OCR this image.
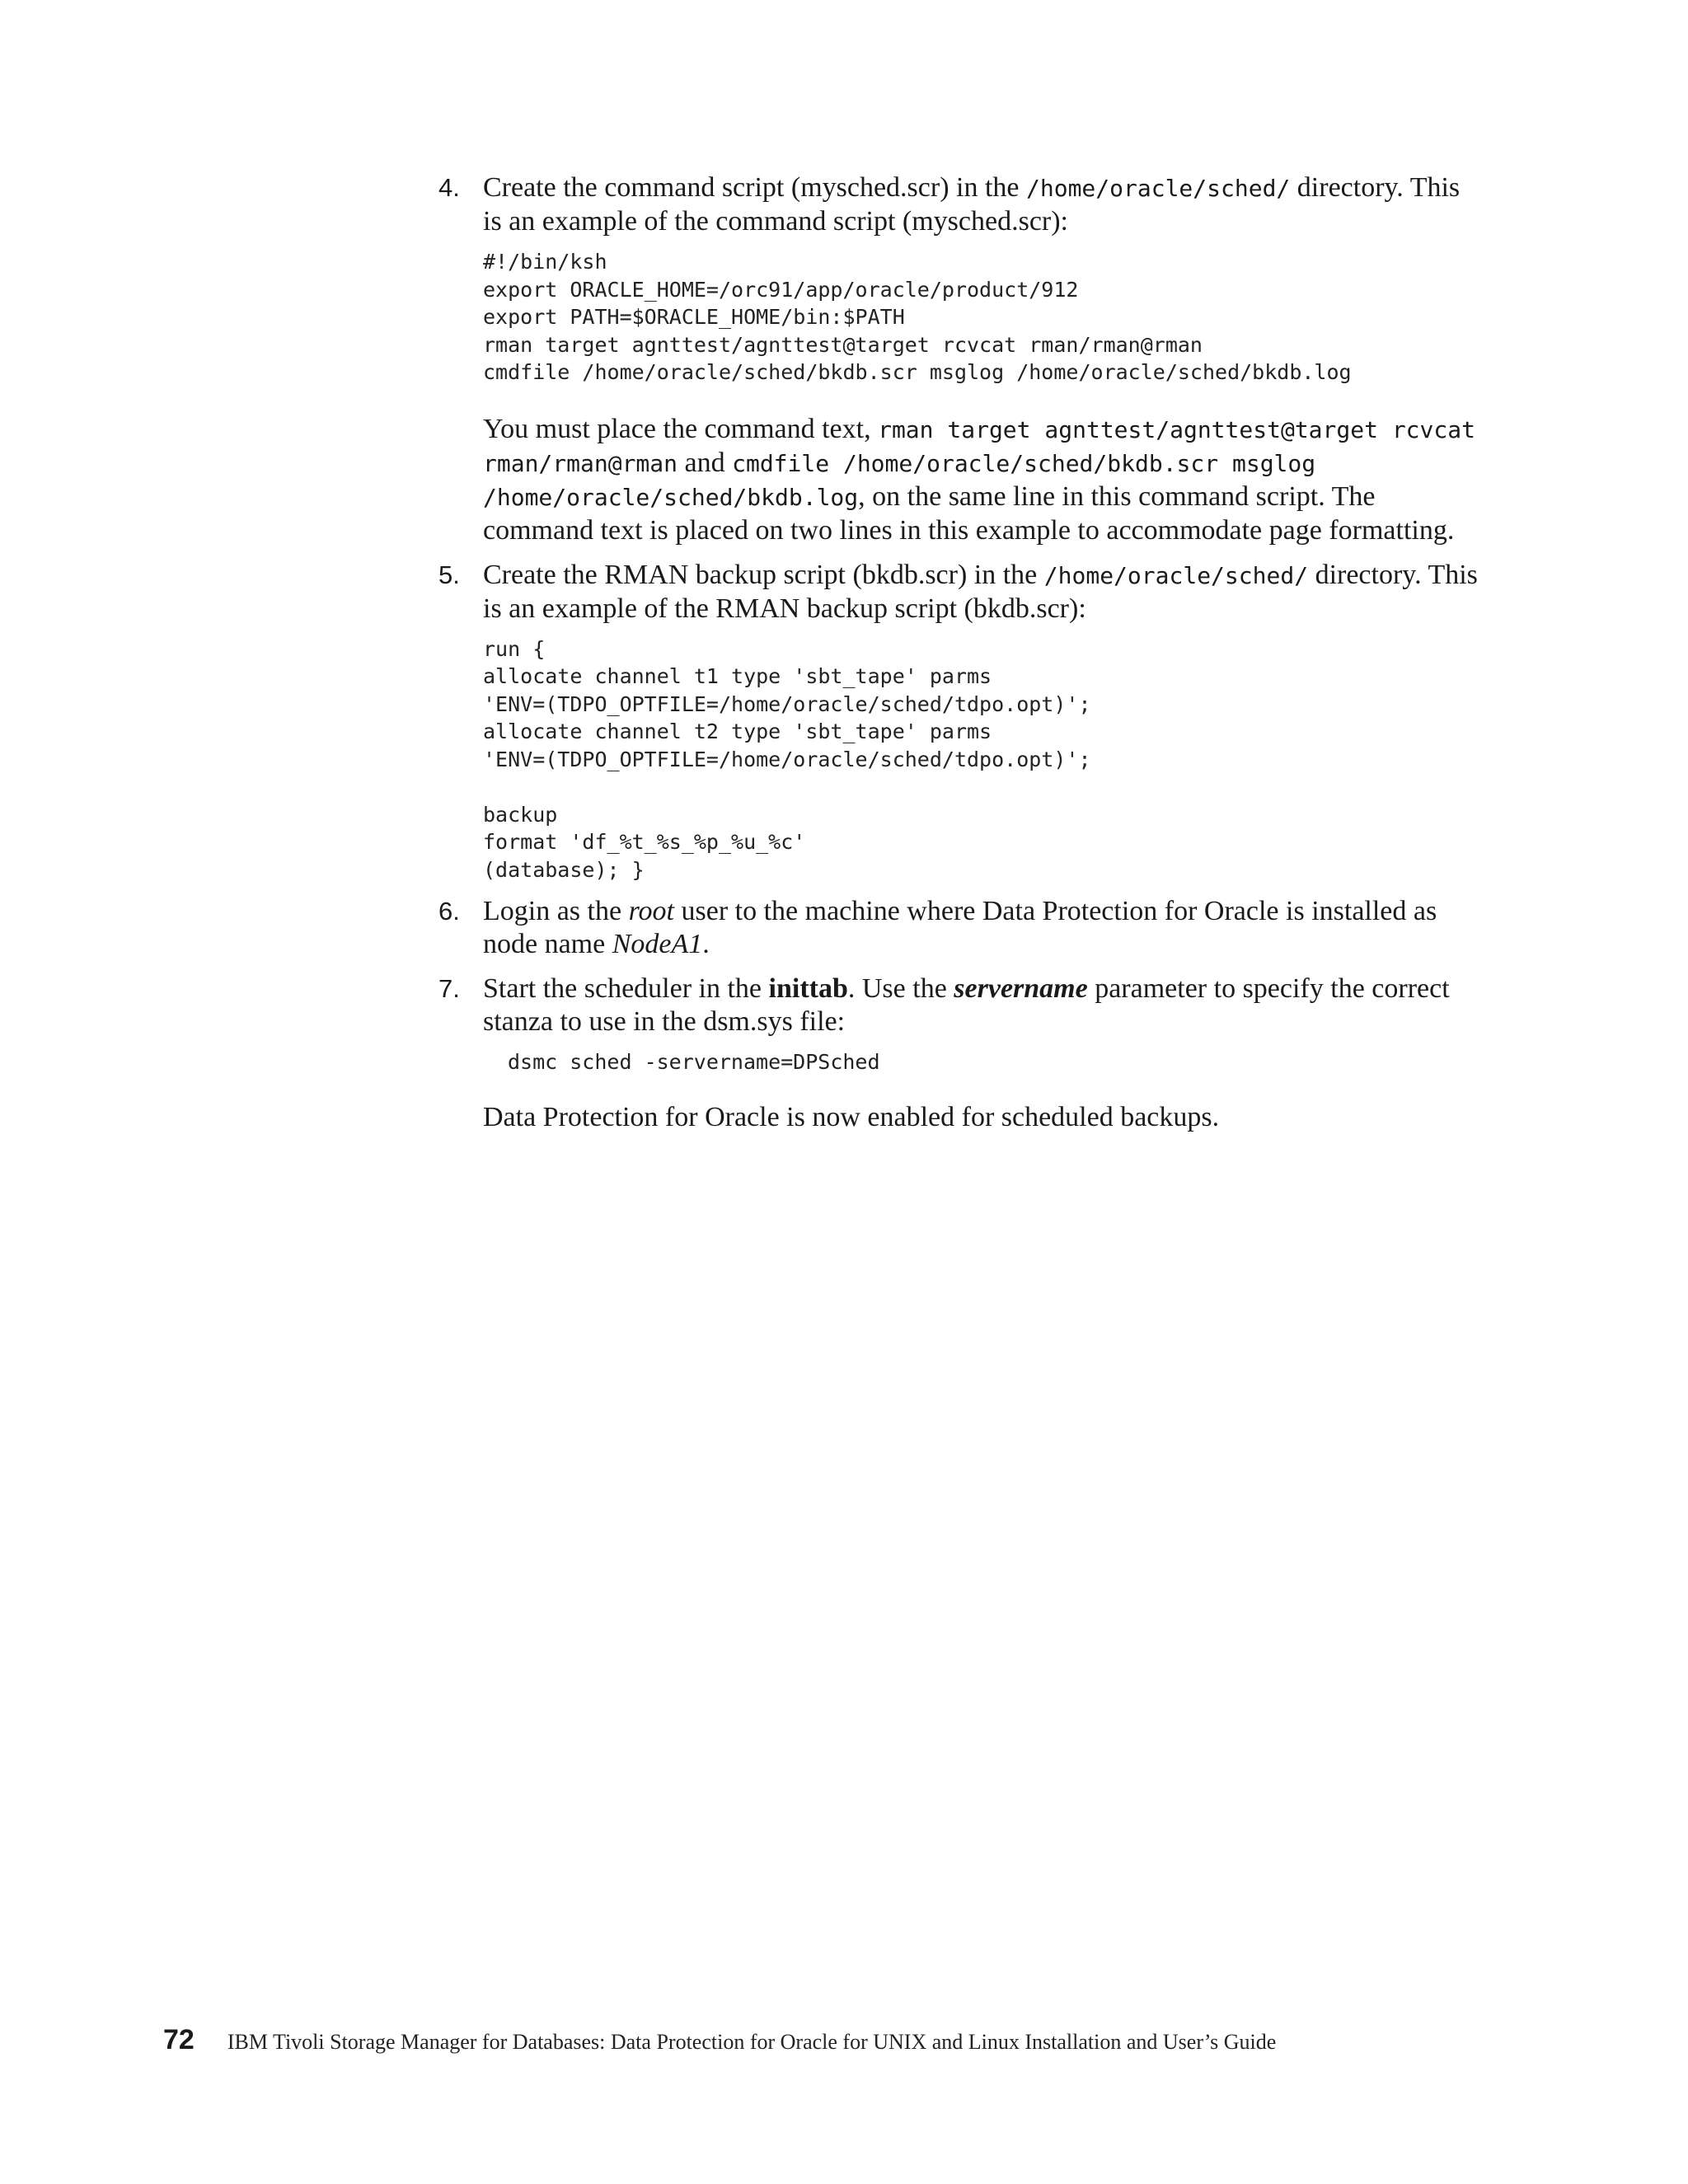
4. Create the command script (mysched.scr) in the /home/oracle/sched/ directory. This is an example of the command script (mysched.scr):

#!/bin/ksh
export ORACLE_HOME=/orc91/app/oracle/product/912
export PATH=$ORACLE_HOME/bin:$PATH
rman target agnttest/agnttest@target rcvcat rman/rman@rman
cmdfile /home/oracle/sched/bkdb.scr msglog /home/oracle/sched/bkdb.log

You must place the command text, rman target agnttest/agnttest@target rcvcat rman/rman@rman and cmdfile /home/oracle/sched/bkdb.scr msglog /home/oracle/sched/bkdb.log, on the same line in this command script. The command text is placed on two lines in this example to accommodate page formatting.

5. Create the RMAN backup script (bkdb.scr) in the /home/oracle/sched/ directory. This is an example of the RMAN backup script (bkdb.scr):

run {
allocate channel t1 type 'sbt_tape' parms
'ENV=(TDPO_OPTFILE=/home/oracle/sched/tdpo.opt)';
allocate channel t2 type 'sbt_tape' parms
'ENV=(TDPO_OPTFILE=/home/oracle/sched/tdpo.opt)';

backup
format 'df_%t_%s_%p_%u_%c'
(database); }
6. Login as the root user to the machine where Data Protection for Oracle is installed as node name NodeA1.

7. Start the scheduler in the inittab. Use the servername parameter to specify the correct stanza to use in the dsm.sys file:

dsmc sched -servername=DPSched

Data Protection for Oracle is now enabled for scheduled backups.

72 IBM Tivoli Storage Manager for Databases: Data Protection for Oracle for UNIX and Linux Installation and User’s Guide
